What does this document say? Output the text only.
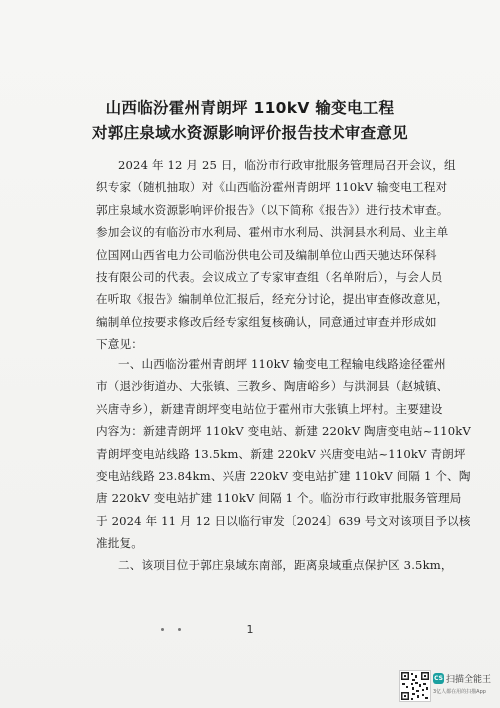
山西临汾霍州青朗坪 110kV 输变电工程
对郭庄泉域水资源影响评价报告技术审查意见
2024 年 12 月 25 日，临汾市行政审批服务管理局召开会议，组
织专家（随机抽取）对《山西临汾霍州青朗坪 110kV 输变电工程对
郭庄泉域水资源影响评价报告》（以下简称《报告》）进行技术审查。
参加会议的有临汾市水利局、霍州市水利局、洪洞县水利局、业主单
位国网山西省电力公司临汾供电公司及编制单位山西天驰达环保科
技有限公司的代表。会议成立了专家审查组（名单附后），与会人员
在听取《报告》编制单位汇报后，经充分讨论，提出审查修改意见，
编制单位按要求修改后经专家组复核确认，同意通过审查并形成如
下意见：
一、山西临汾霍州青朗坪 110kV 输变电工程输电线路途径霍州
市（退沙街道办、大张镇、三教乡、陶唐峪乡）与洪洞县（赵城镇、
兴唐寺乡），新建青朗坪变电站位于霍州市大张镇上坪村。主要建设
内容为：新建青朗坪 110kV 变电站、新建 220kV 陶唐变电站~110kV
青朗坪变电站线路 13.5km、新建 220kV 兴唐变电站~110kV 青朗坪
变电站线路 23.84km、兴唐 220kV 变电站扩建 110kV 间隔 1 个、陶
唐 220kV 变电站扩建 110kV 间隔 1 个。临汾市行政审批服务管理局
于 2024 年 11 月 12 日以临行审发〔2024〕639 号文对该项目予以核
准批复。
二、该项目位于郭庄泉域东南部，距离泉域重点保护区 3.5km，
1
CS 扫描全能王
3亿人都在用的扫描App
